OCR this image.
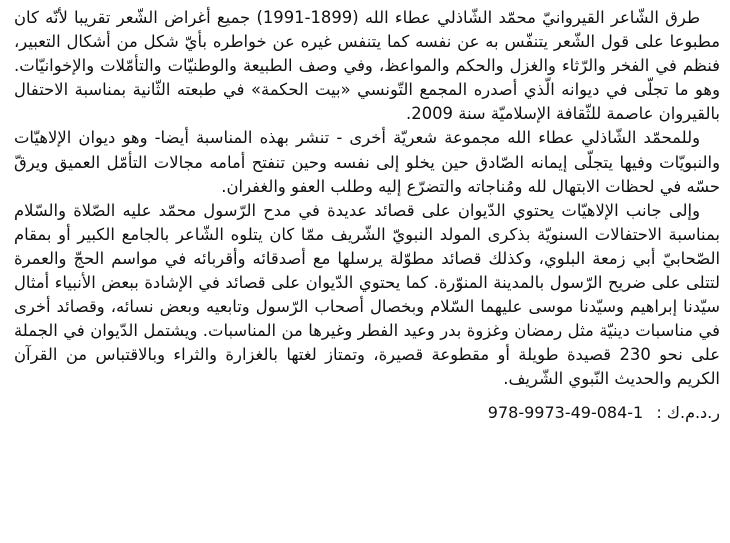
طرق الشّاعر القيروانيّ محمّد الشّاذلي عطاء الله (1899-1991) جميع أغراض الشّعر تقريبا لأنّه كان مطبوعا على قول الشّعر يتنفّس به عن نفسه كما يتنفس غيره عن خواطره بأيّ شكل من أشكال التعبير، فنظم في الفخر والرّثاء والغزل والحكم والمواعظ، وفي وصف الطبيعة والوطنيّات والتأمّلات والإخوانيّات. وهو ما تجلّى في ديوانه الّذي أصدره المجمع التّونسي «بيت الحكمة» في طبعته الثّانية بمناسبة الاحتفال بالقيروان عاصمة للثّقافة الإسلاميّة سنة 2009.

وللمحمّد الشّاذلي عطاء الله مجموعة شعريّة أخرى - تنشر بهذه المناسبة أيضا- وهو ديوان الإلاهيّات والنبويّات وفيها يتجلّى إيمانه الصّادق حين يخلو إلى نفسه وحين تنفتح أمامه مجالات التأمّل العميق ويرقّ حسّه في لحظات الابتهال لله ومُناجاته والتضرّع إليه وطلب العفو والغفران.

وإلى جانب الإلاهيّات يحتوي الدّيوان على قصائد عديدة في مدح الرّسول محمّد عليه الصّلاة والسّلام بمناسبة الاحتفالات السنويّة بذكرى المولد النبويّ الشّريف ممّا كان يتلوه الشّاعر بالجامع الكبير أو بمقام الصّحابيّ أبي زمعة البلوي، وكذلك قصائد مطوّلة يرسلها مع أصدقائه وأقربائه في مواسم الحجّ والعمرة لتتلى على ضريح الرّسول بالمدينة المنوّرة. كما يحتوي الدّيوان على قصائد في الإشادة ببعض الأنبياء أمثال سيّدنا إبراهيم وسيّدنا موسى عليهما السّلام وبخصال أصحاب الرّسول وتابعيه وبعض نسائه، وقصائد أخرى في مناسبات دينيّة مثل رمضان وغزوة بدر وعيد الفطر وغيرها من المناسبات. ويشتمل الدّيوان في الجملة على نحو 230 قصيدة طويلة أو مقطوعة قصيرة، وتمتاز لغتها بالغزارة والثراء وبالاقتباس من القرآن الكريم والحديث النّبوي الشّريف.

ر.د.م.ك : 978-9973-49-084-1
